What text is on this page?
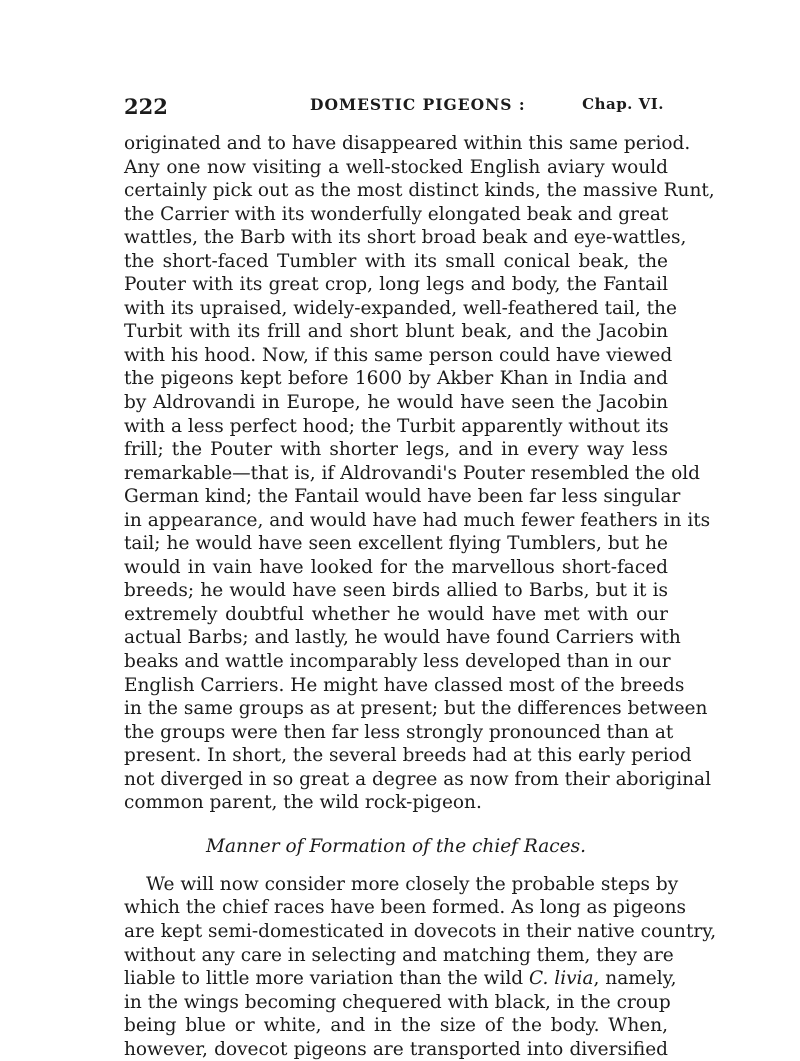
222	DOMESTIC PIGEONS :	Chap. VI.
originated and to have disappeared within this same period.
Any one now visiting a well-stocked English aviary would
certainly pick out as the most distinct kinds, the massive Runt,
the Carrier with its wonderfully elongated beak and great
wattles, the Barb with its short broad beak and eye-wattles,
the short-faced Tumbler with its small conical beak, the
Pouter with its great crop, long legs and body, the Fantail
with its upraised, widely-expanded, well-feathered tail, the
Turbit with its frill and short blunt beak, and the Jacobin
with his hood. Now, if this same person could have viewed
the pigeons kept before 1600 by Akber Khan in India and
by Aldrovandi in Europe, he would have seen the Jacobin
with a less perfect hood; the Turbit apparently without its
frill; the Pouter with shorter legs, and in every way less
remarkable—that is, if Aldrovandi's Pouter resembled the old
German kind; the Fantail would have been far less singular
in appearance, and would have had much fewer feathers in its
tail; he would have seen excellent flying Tumblers, but he
would in vain have looked for the marvellous short-faced
breeds; he would have seen birds allied to Barbs, but it is
extremely doubtful whether he would have met with our
actual Barbs; and lastly, he would have found Carriers with
beaks and wattle incomparably less developed than in our
English Carriers. He might have classed most of the breeds
in the same groups as at present; but the differences between
the groups were then far less strongly pronounced than at
present. In short, the several breeds had at this early period
not diverged in so great a degree as now from their aboriginal
common parent, the wild rock-pigeon.
Manner of Formation of the chief Races.
We will now consider more closely the probable steps by
which the chief races have been formed. As long as pigeons
are kept semi-domesticated in dovecots in their native country,
without any care in selecting and matching them, they are
liable to little more variation than the wild C. livia, namely,
in the wings becoming chequered with black, in the croup
being blue or white, and in the size of the body. When,
however, dovecot pigeons are transported into diversified
